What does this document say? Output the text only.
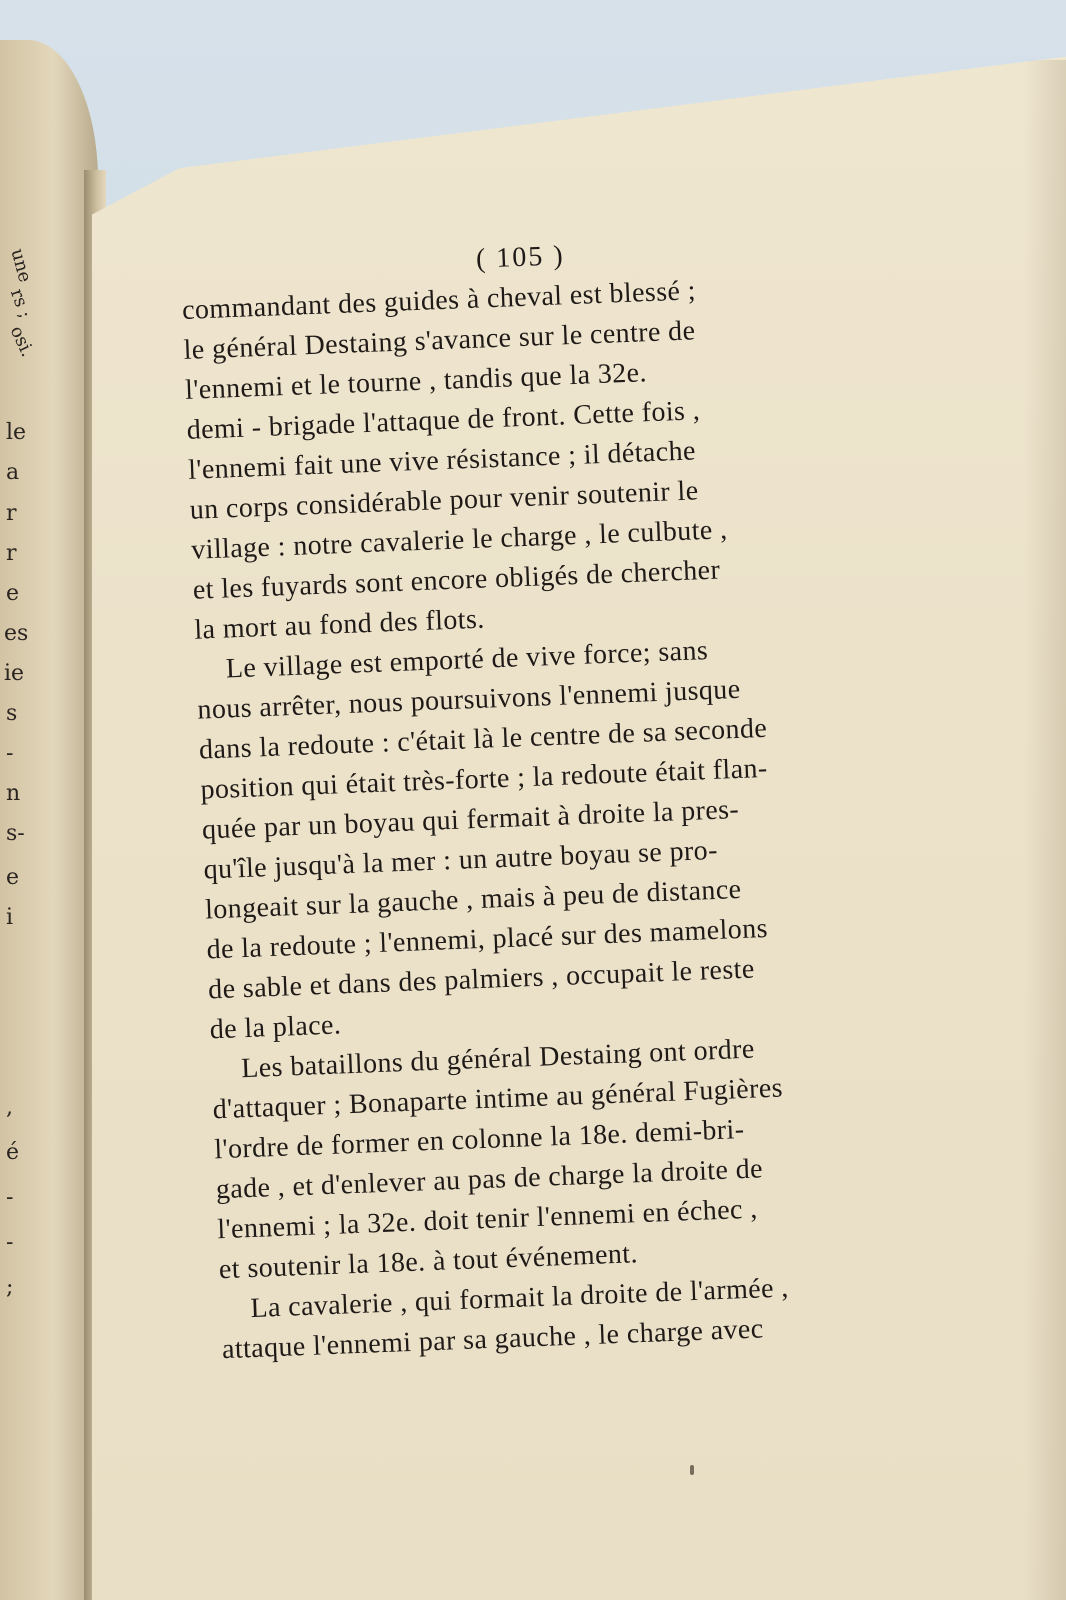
une
rs ;
osi.
le
a
r
r
e
es
ie
s
-
n
s-
e
i
,
é
-
-
;
( 105 )
commandant des guides à cheval est blessé ;
le général Destaing s'avance sur le centre de
l'ennemi et le tourne , tandis que la 32e.
demi - brigade l'attaque de front. Cette fois ,
l'ennemi fait une vive résistance ; il détache
un corps considérable pour venir soutenir le
village : notre cavalerie le charge , le culbute ,
et les fuyards sont encore obligés de chercher
la mort au fond des flots.
Le village est emporté de vive force; sans
nous arrêter, nous poursuivons l'ennemi jusque
dans la redoute : c'était là le centre de sa seconde
position qui était très-forte ; la redoute était flan-
quée par un boyau qui fermait à droite la pres-
qu'île jusqu'à la mer : un autre boyau se pro-
longeait sur la gauche , mais à peu de distance
de la redoute ; l'ennemi, placé sur des mamelons
de sable et dans des palmiers , occupait le reste
de la place.
Les bataillons du général Destaing ont ordre
d'attaquer ; Bonaparte intime au général Fugières
l'ordre de former en colonne la 18e. demi-bri-
gade , et d'enlever au pas de charge la droite de
l'ennemi ; la 32e. doit tenir l'ennemi en échec ,
et soutenir la 18e. à tout événement.
La cavalerie , qui formait la droite de l'armée ,
attaque l'ennemi par sa gauche , le charge avec
